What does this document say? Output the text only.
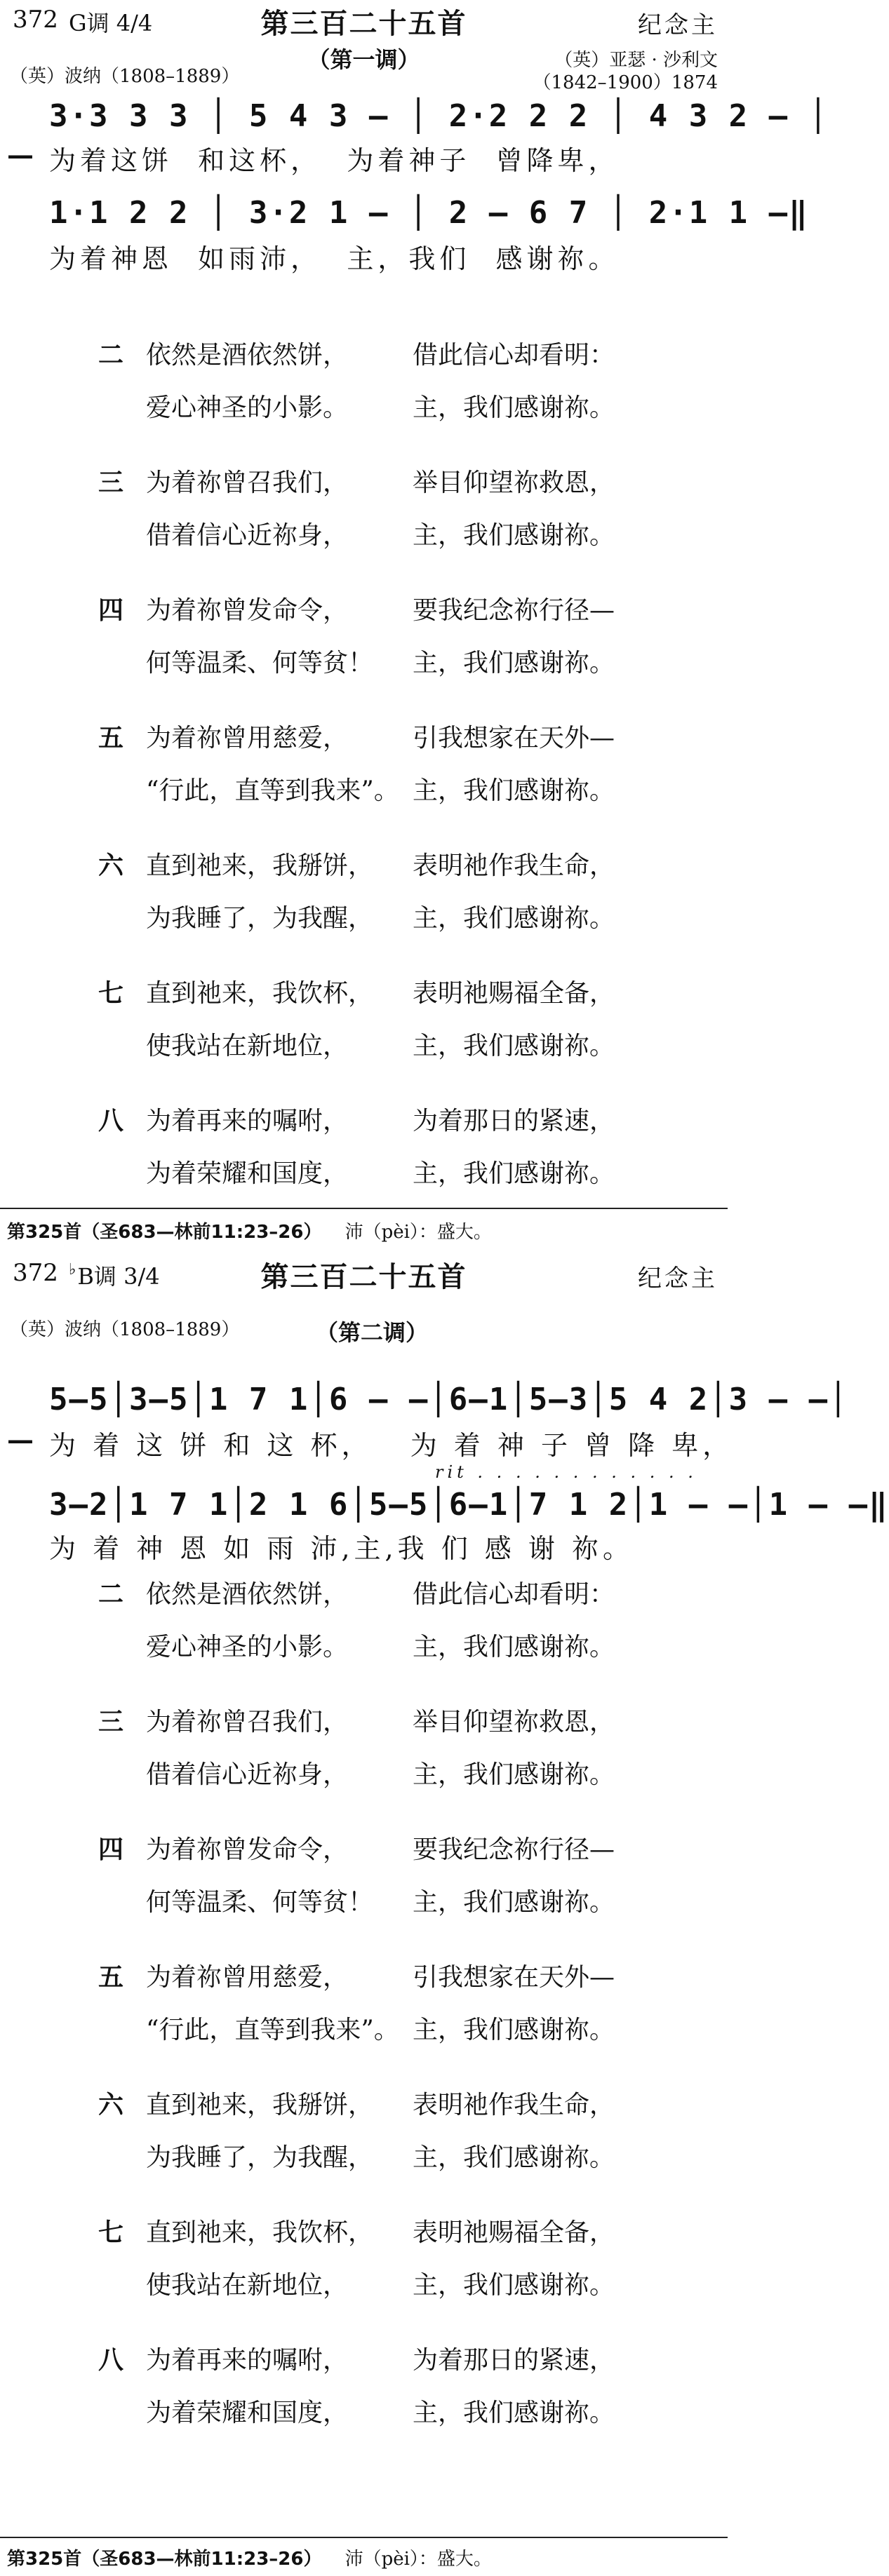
372 G调 4/4	第三百二十五首	纪念主
（第一调）
（英）波纳（1808–1889）
（英）亚瑟 · 沙利文
（1842–1900）1874
3·3 3 3 │ 5 4 3 – │ 2·2 2 2 │ 4 3 2 – │
— 为着这饼  和这杯，  为着神子  曾降卑，
1·1 2 2 │ 3·2 1 – │ 2 – 6 7 │ 2·1 1 –‖
为着神恩  如雨沛，  主，我们  感谢祢。
二 依然是酒依然饼，	借此信心却看明：
爱心神圣的小影。	主，我们感谢祢。
三 为着祢曾召我们，	举目仰望祢救恩，
借着信心近祢身，	主，我们感谢祢。
四 为着祢曾发命令，	要我纪念祢行径—
何等温柔、何等贫！ 主，我们感谢祢。
五 为着祢曾用慈爱，	引我想家在天外—
“行此，直等到我来”。 主，我们感谢祢。
六 直到祂来，我掰饼， 表明祂作我生命，
为我睡了，为我醒， 主，我们感谢祢。
七 直到祂来，我饮杯， 表明祂赐福全备，
使我站在新地位，	主，我们感谢祢。
八 为着再来的嘱咐，	为着那日的紧速，
为着荣耀和国度，	主，我们感谢祢。
第325首（圣683—林前11:23–26） 沛（pèi）：盛大。
372 ♭B调 3/4	第三百二十五首	纪念主
（英）波纳（1808–1889）	（第二调）
5–5│3–5│1 7 1│6 – –│6–1│5–3│5 4 2│3 – –│
— 为 着 这 饼 和 这 杯，   为 着 神 子 曾 降 卑，
rit . . . . . . . . . . . .
3–2│1 7 1│2 1 6│5–5│6–1│7 1 2│1 – –│1 – –‖
为 着 神 恩 如 雨 沛,主,我 们 感 谢 祢。
二 依然是酒依然饼，	借此信心却看明：
爱心神圣的小影。	主，我们感谢祢。
三 为着祢曾召我们，	举目仰望祢救恩，
借着信心近祢身，	主，我们感谢祢。
四 为着祢曾发命令，	要我纪念祢行径—
何等温柔、何等贫！ 主，我们感谢祢。
五 为着祢曾用慈爱，	引我想家在天外—
“行此，直等到我来”。 主，我们感谢祢。
六 直到祂来，我掰饼， 表明祂作我生命，
为我睡了，为我醒， 主，我们感谢祢。
七 直到祂来，我饮杯， 表明祂赐福全备，
使我站在新地位，	主，我们感谢祢。
八 为着再来的嘱咐，	为着那日的紧速，
为着荣耀和国度，	主，我们感谢祢。
第325首（圣683—林前11:23–26） 沛（pèi）：盛大。
